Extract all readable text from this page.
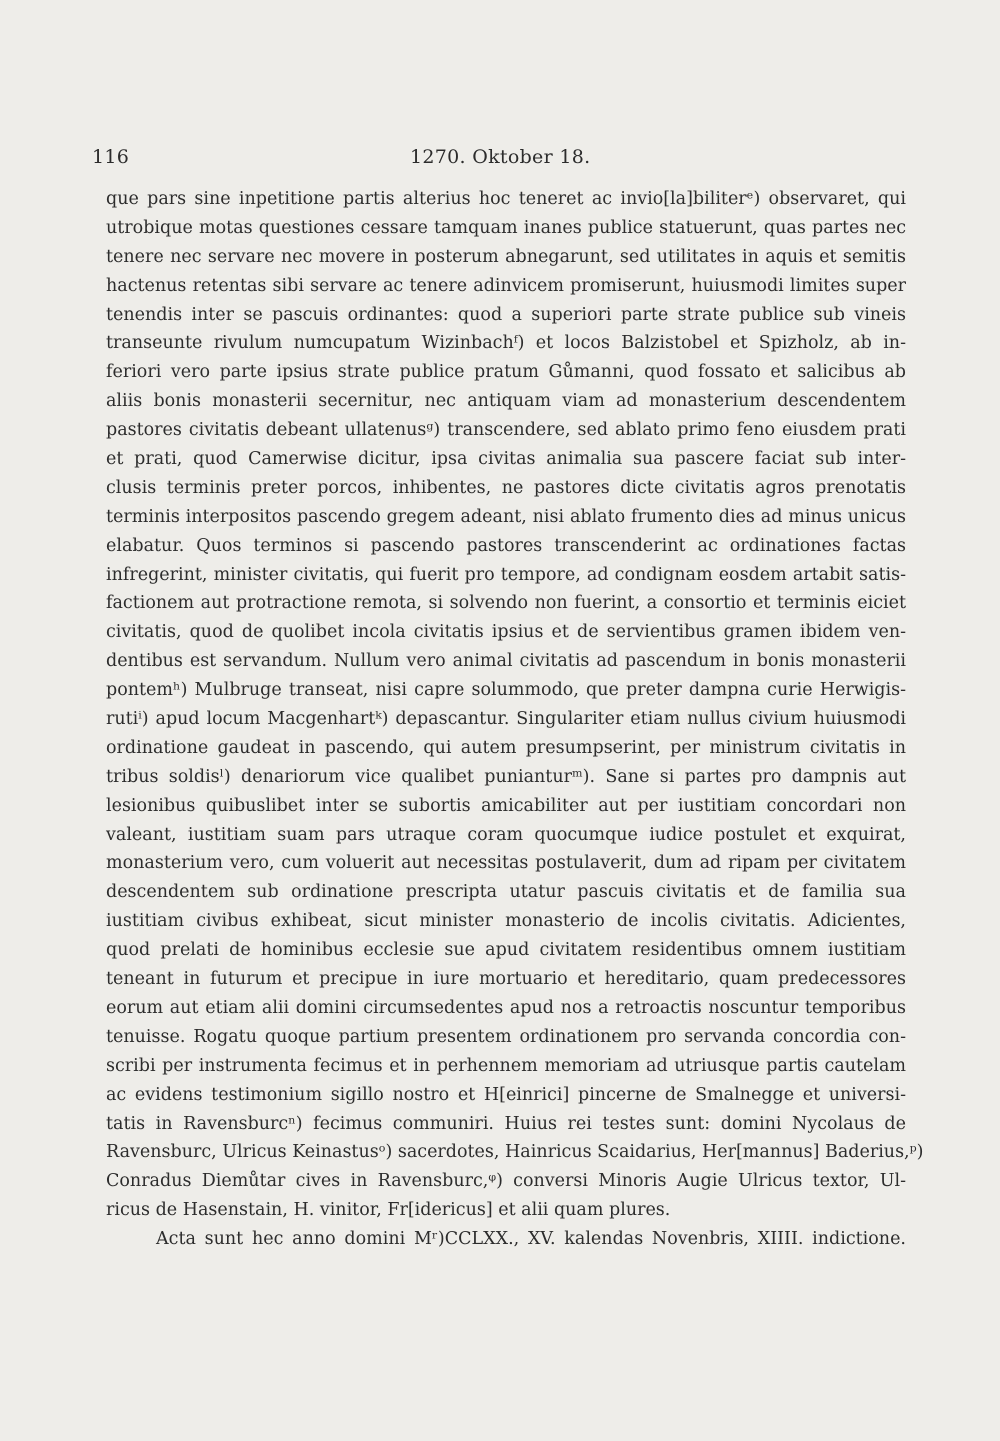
116	1270. Oktober 18.
que pars sine inpetitione partis alterius hoc teneret ac invio[la]biliterᵉ) observaret, qui
utrobique motas questiones cessare tamquam inanes publice statuerunt, quas partes nec
tenere nec servare nec movere in posterum abnegarunt, sed utilitates in aquis et semitis
hactenus retentas sibi servare ac tenere adinvicem promiserunt, huiusmodi limites super
tenendis inter se pascuis ordinantes: quod a superiori parte strate publice sub vineis
transeunte rivulum numcupatum Wizinbachᶠ) et locos Balzistobel et Spizholz, ab in-
feriori vero parte ipsius strate publice pratum Gůmanni, quod fossato et salicibus ab
aliis bonis monasterii secernitur, nec antiquam viam ad monasterium descendentem
pastores civitatis debeant ullatenusᵍ) transcendere, sed ablato primo feno eiusdem prati
et prati, quod Camerwise dicitur, ipsa civitas animalia sua pascere faciat sub inter-
clusis terminis preter porcos, inhibentes, ne pastores dicte civitatis agros prenotatis
terminis interpositos pascendo gregem adeant, nisi ablato frumento dies ad minus unicus
elabatur. Quos terminos si pascendo pastores transcenderint ac ordinationes factas
infregerint, minister civitatis, qui fuerit pro tempore, ad condignam eosdem artabit satis-
factionem aut protractione remota, si solvendo non fuerint, a consortio et terminis eiciet
civitatis, quod de quolibet incola civitatis ipsius et de servientibus gramen ibidem ven-
dentibus est servandum. Nullum vero animal civitatis ad pascendum in bonis monasterii
pontemʰ) Mulbruge transeat, nisi capre solummodo, que preter dampna curie Herwigis-
rutiⁱ) apud locum Macgenhartᵏ) depascantur. Singulariter etiam nullus civium huiusmodi
ordinatione gaudeat in pascendo, qui autem presumpserint, per ministrum civitatis in
tribus soldisˡ) denariorum vice qualibet punianturᵐ). Sane si partes pro dampnis aut
lesionibus quibuslibet inter se subortis amicabiliter aut per iustitiam concordari non
valeant, iustitiam suam pars utraque coram quocumque iudice postulet et exquirat,
monasterium vero, cum voluerit aut necessitas postulaverit, dum ad ripam per civitatem
descendentem sub ordinatione prescripta utatur pascuis civitatis et de familia sua
iustitiam civibus exhibeat, sicut minister monasterio de incolis civitatis. Adicientes,
quod prelati de hominibus ecclesie sue apud civitatem residentibus omnem iustitiam
teneant in futurum et precipue in iure mortuario et hereditario, quam predecessores
eorum aut etiam alii domini circumsedentes apud nos a retroactis noscuntur temporibus
tenuisse. Rogatu quoque partium presentem ordinationem pro servanda concordia con-
scribi per instrumenta fecimus et in perhennem memoriam ad utriusque partis cautelam
ac evidens testimonium sigillo nostro et H[einrici] pincerne de Smalnegge et universi-
tatis in Ravensburcⁿ) fecimus communiri. Huius rei testes sunt: domini Nycolaus de
Ravensburc, Ulricus Keinastusᵒ) sacerdotes, Hainricus Scaidarius, Her[mannus] Baderius,ᵖ)
Conradus Diemůtar cives in Ravensburc,ᵠ) conversi Minoris Augie Ulricus textor, Ul-
ricus de Hasenstain, H. vinitor, Fr[idericus] et alii quam plures.
Acta sunt hec anno domini Mʳ)CCLXX., XV. kalendas Novenbris, XIIII. indictione.
